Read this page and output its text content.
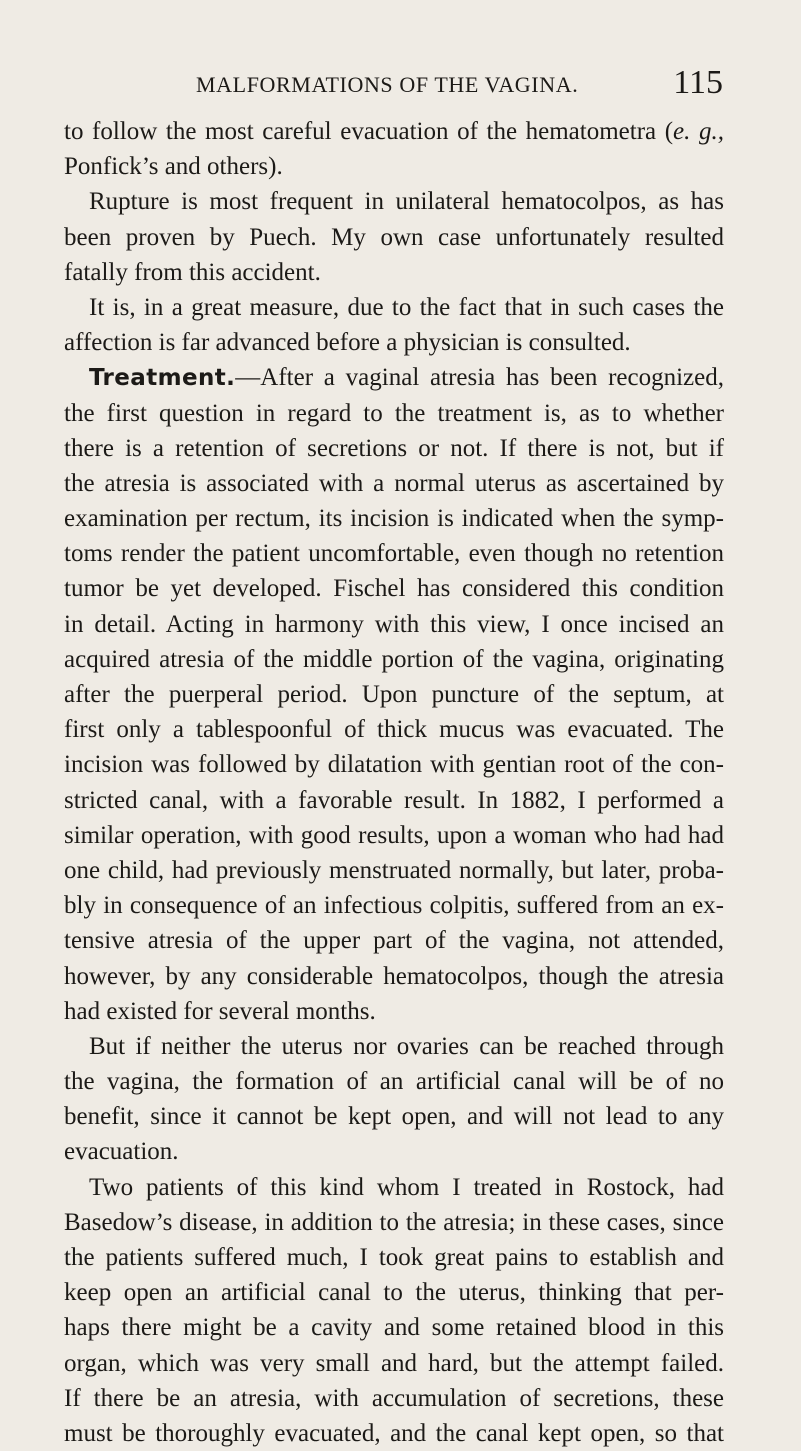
MALFORMATIONS OF THE VAGINA.	115
to follow the most careful evacuation of the hematometra (e. g.,
Ponfick’s and others).
Rupture is most frequent in unilateral hematocolpos, as has
been proven by Puech. My own case unfortunately resulted
fatally from this accident.
It is, in a great measure, due to the fact that in such cases the
affection is far advanced before a physician is consulted.
Treatment.—After a vaginal atresia has been recognized,
the first question in regard to the treatment is, as to whether
there is a retention of secretions or not. If there is not, but if
the atresia is associated with a normal uterus as ascertained by
examination per rectum, its incision is indicated when the symp-
toms render the patient uncomfortable, even though no retention
tumor be yet developed. Fischel has considered this condition
in detail. Acting in harmony with this view, I once incised an
acquired atresia of the middle portion of the vagina, originating
after the puerperal period. Upon puncture of the septum, at
first only a tablespoonful of thick mucus was evacuated. The
incision was followed by dilatation with gentian root of the con-
stricted canal, with a favorable result. In 1882, I performed a
similar operation, with good results, upon a woman who had had
one child, had previously menstruated normally, but later, proba-
bly in consequence of an infectious colpitis, suffered from an ex-
tensive atresia of the upper part of the vagina, not attended,
however, by any considerable hematocolpos, though the atresia
had existed for several months.
But if neither the uterus nor ovaries can be reached through
the vagina, the formation of an artificial canal will be of no
benefit, since it cannot be kept open, and will not lead to any
evacuation.
Two patients of this kind whom I treated in Rostock, had
Basedow’s disease, in addition to the atresia; in these cases, since
the patients suffered much, I took great pains to establish and
keep open an artificial canal to the uterus, thinking that per-
haps there might be a cavity and some retained blood in this
organ, which was very small and hard, but the attempt failed.
If there be an atresia, with accumulation of secretions, these
must be thoroughly evacuated, and the canal kept open, so that
